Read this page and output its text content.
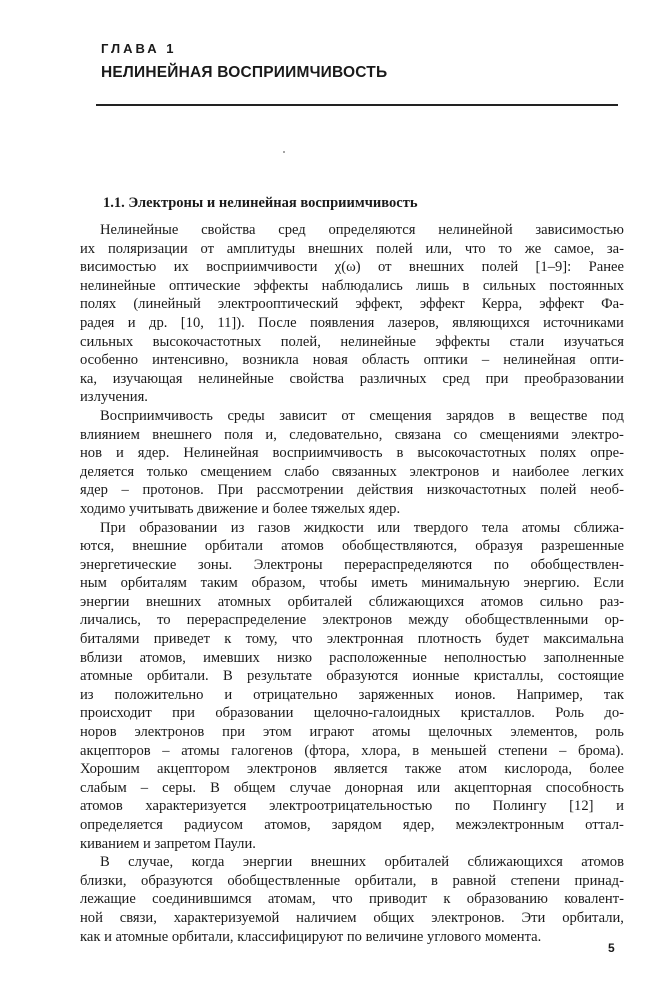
ГЛАВА 1
НЕЛИНЕЙНАЯ ВОСПРИИМЧИВОСТЬ
1.1. Электроны и нелинейная восприимчивость
Нелинейные свойства сред определяются нелинейной зависимостью
их поляризации от амплитуды внешних полей или, что то же самое, за-
висимостью их восприимчивости χ(ω) от внешних полей [1–9]: Ранее
нелинейные оптические эффекты наблюдались лишь в сильных постоянных
полях (линейный электрооптический эффект, эффект Керра, эффект Фа-
радея и др. [10, 11]). После появления лазеров, являющихся источниками
сильных высокочастотных полей, нелинейные эффекты стали изучаться
особенно интенсивно, возникла новая область оптики – нелинейная опти-
ка, изучающая нелинейные свойства различных сред при преобразовании
излучения.
Восприимчивость среды зависит от смещения зарядов в веществе под
влиянием внешнего поля и, следовательно, связана со смещениями электро-
нов и ядер. Нелинейная восприимчивость в высокочастотных полях опре-
деляется только смещением слабо связанных электронов и наиболее легких
ядер – протонов. При рассмотрении действия низкочастотных полей необ-
ходимо учитывать движение и более тяжелых ядер.
При образовании из газов жидкости или твердого тела атомы сближа-
ются, внешние орбитали атомов обобществляются, образуя разрешенные
энергетические зоны. Электроны перераспределяются по обобществлен-
ным орбиталям таким образом, чтобы иметь минимальную энергию. Если
энергии внешних атомных орбиталей сближающихся атомов сильно раз-
личались, то перераспределение электронов между обобществленными ор-
биталями приведет к тому, что электронная плотность будет максимальна
вблизи атомов, имевших низко расположенные неполностью заполненные
атомные орбитали. В результате образуются ионные кристаллы, состоящие
из положительно и отрицательно заряженных ионов. Например, так
происходит при образовании щелочно-галоидных кристаллов. Роль до-
норов электронов при этом играют атомы щелочных элементов, роль
акцепторов – атомы галогенов (фтора, хлора, в меньшей степени – брома).
Хорошим акцептором электронов является также атом кислорода, более
слабым – серы. В общем случае донорная или акцепторная способность
атомов характеризуется электроотрицательностью по Полингу [12] и
определяется радиусом атомов, зарядом ядер, межэлектронным оттал-
киванием и запретом Паули.
В случае, когда энергии внешних орбиталей сближающихся атомов
близки, образуются обобществленные орбитали, в равной степени принад-
лежащие соединившимся атомам, что приводит к образованию ковалент-
ной связи, характеризуемой наличием общих электронов. Эти орбитали,
как и атомные орбитали, классифицируют по величине углового момента.
5
